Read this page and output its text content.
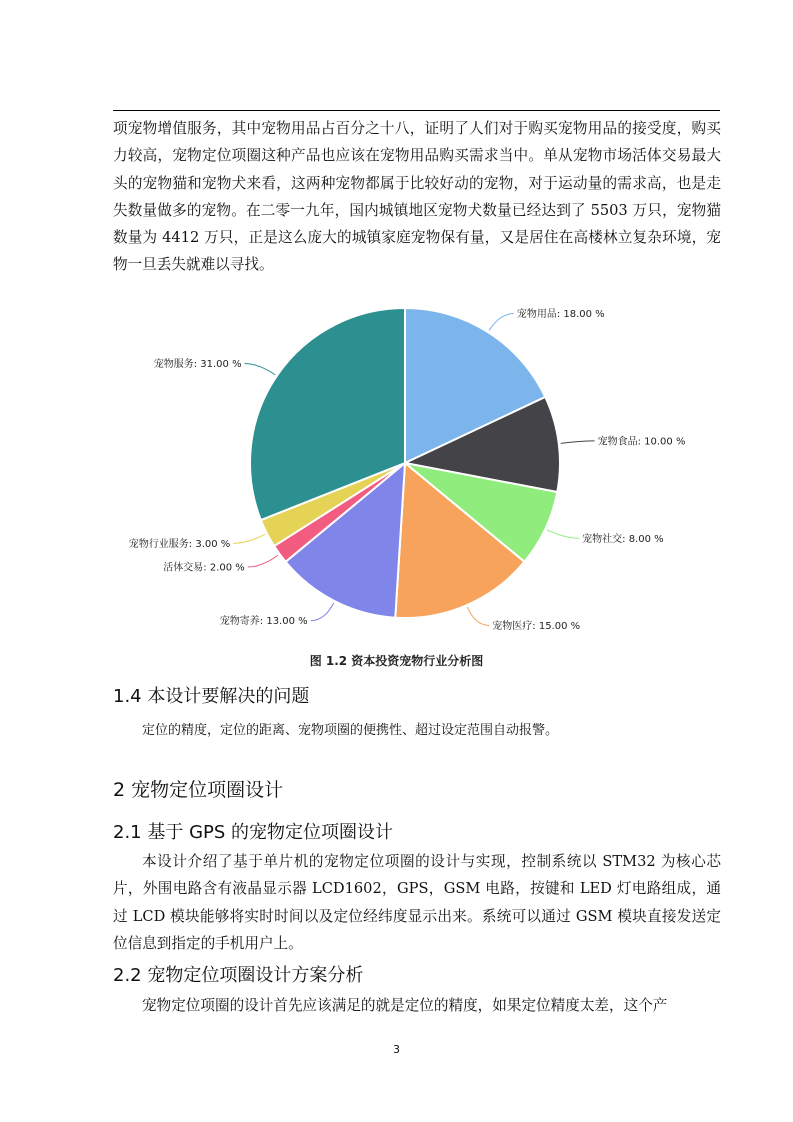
项宠物增值服务，其中宠物用品占百分之十八，证明了人们对于购买宠物用品的接受度，购买力较高，宠物定位项圈这种产品也应该在宠物用品购买需求当中。单从宠物市场活体交易最大头的宠物猫和宠物犬来看，这两种宠物都属于比较好动的宠物，对于运动量的需求高，也是走失数量做多的宠物。在二零一九年，国内城镇地区宠物犬数量已经达到了 5503 万只，宠物猫数量为 4412 万只，正是这么庞大的城镇家庭宠物保有量，又是居住在高楼林立复杂环境，宠物一旦丢失就难以寻找。

宠物用品: 18.00 %
宠物食品: 10.00 %
宠物社交: 8.00 %
宠物医疗: 15.00 %
宠物寄养: 13.00 %
活体交易: 2.00 %
宠物行业服务: 3.00 %
宠物服务: 31.00 %
图 1.2 资本投资宠物行业分析图
1.4 本设计要解决的问题

定位的精度，定位的距离、宠物项圈的便携性、超过设定范围自动报警。

2 宠物定位项圈设计
2.1 基于 GPS 的宠物定位项圈设计

本设计介绍了基于单片机的宠物定位项圈的设计与实现，控制系统以 STM32 为核心芯片，外围电路含有液晶显示器 LCD1602，GPS，GSM 电路，按键和 LED 灯电路组成，通过 LCD 模块能够将实时时间以及定位经纬度显示出来。系统可以通过 GSM 模块直接发送定位信息到指定的手机用户上。

2.2 宠物定位项圈设计方案分析

宠物定位项圈的设计首先应该满足的就是定位的精度，如果定位精度太差，这个产

3
